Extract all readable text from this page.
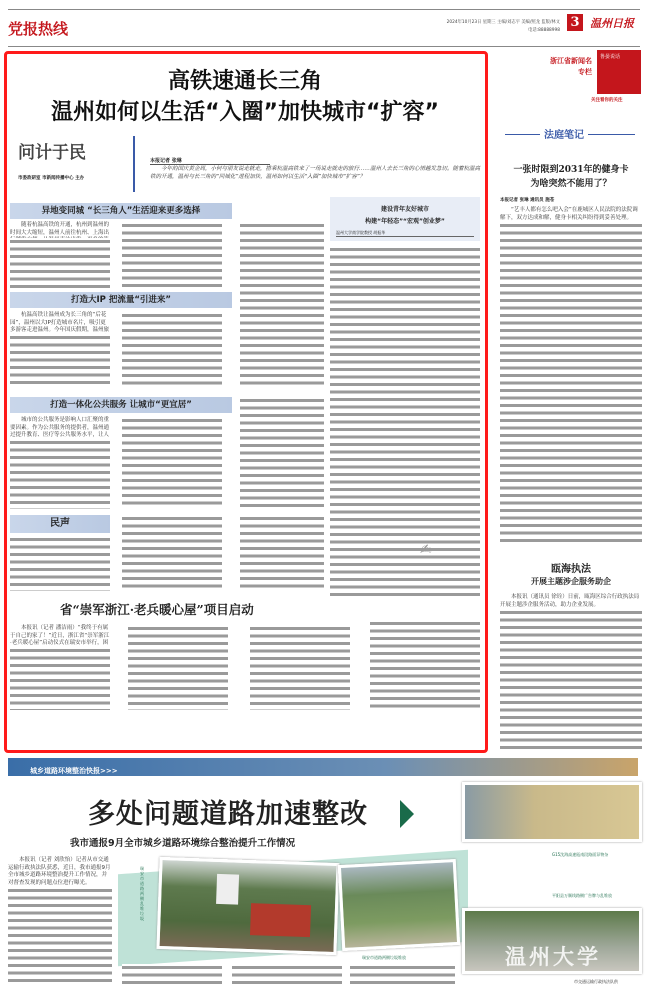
党报热线	2024年10月23日 星期三 主编/刘志宇 美编/照龙 监版/林文
电话:88888998
3 温州日报
高铁速通长三角
温州如何以生活“入圈”加快城市“扩容”
问计于民
市委政研室 市新闻传播中心 主办
本报记者 张琳
今年的国庆黄金周，小何与朋友说走就走，搭乘杭温高铁来了一场说走就走的旅行……温州人去长三角的心情越发急切。随着杭温高铁的开通，温州与长三角的“同城化”进程加快，温州如何以生活“入圈”加快城市“扩容”？
异地变同城 “长三角人”生活迎来更多选择
随着杭温高铁的开通，杭州到温州的时间大大缩短，温州人前往杭州、上海出
建设青年友好城市
构建“年轻态”“宏观”创业梦”
温州大学商学院教授 胡振华
打造大IP 把流量“引进来”
杭温高铁让温州成为长三角的“后花园”，温州以大IP打造城市名片，吸引更多游客走进温州。今年国庆假期，温州旅
打造一体化公共服务 让城市“更宜居”
城市的公共服务是影响人口汇聚的重要因素。作为公共服务的提供者，温州通过提升教育、医疗等公共服务水平，让人
民声
✍
省“崇军浙江·老兵暖心屋”项目启动
本报讯（记者 潘洁雨）“我终于有属于自己的家了！”近日，浙江省“崇军浙江·老兵暖心屋”启动仪式在瑞安市举行，困
浙江省新闻名专栏
鲁晏说话
关注看你的关注
法庭笔记
一张时限到2031年的健身卡
为啥突然不能用了？
本报记者 张琳 通讯员 施苍
“艺丰人都有怎么吧入会”在鹿城区人民法院的法院调解下，双方达成和解，健身卡相关纠纷得到妥善处理。
瓯海执法
开展主题涉企服务助企
本报讯（通讯员 徐铨）日前，瓯海区综合行政执法局开展主题涉企服务活动，助力企业发展。
城乡道路环境整治快报>>>
多处问题道路加速整改
我市通报9月全市城乡道路环境综合整治提升工作情况
本报讯（记者 刘欣怡）记者从市交通运输行政执法队获悉，近日，我市通报9月全市城乡道路环境整治提升工作情况，并对督查发现的问题点位进行曝光。
瑞安市道路两侧乱堆垃圾
瑞安市道路两侧垃圾堆放
G15沈海高速瓯南段路面异物杂
平阳县万顺线路侧广告牌与乱堆放
市交通运输行政执法队供
温州大学
